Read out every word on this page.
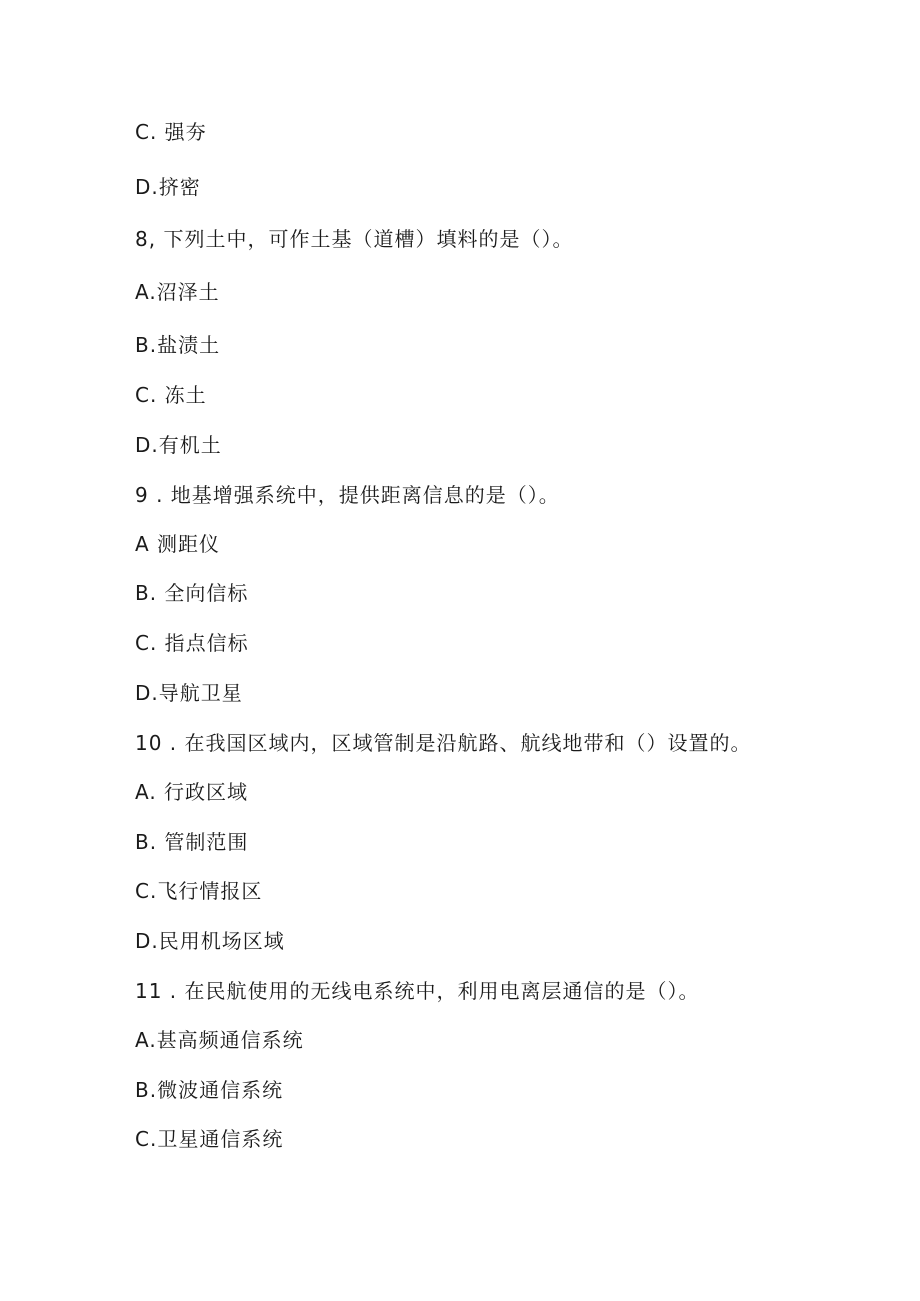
C. 强夯
D.挤密
8, 下列土中，可作土基（道槽）填料的是（）。
A.沼泽土
B.盐渍土
C. 冻土
D.有机土
9 . 地基增强系统中，提供距离信息的是（）。
A 测距仪
B. 全向信标
C. 指点信标
D.导航卫星
10 . 在我国区域内，区域管制是沿航路、航线地带和（）设置的。
A. 行政区域
B. 管制范围
C.飞行情报区
D.民用机场区域
11 . 在民航使用的无线电系统中，利用电离层通信的是（）。
A.甚高频通信系统
B.微波通信系统
C.卫星通信系统
